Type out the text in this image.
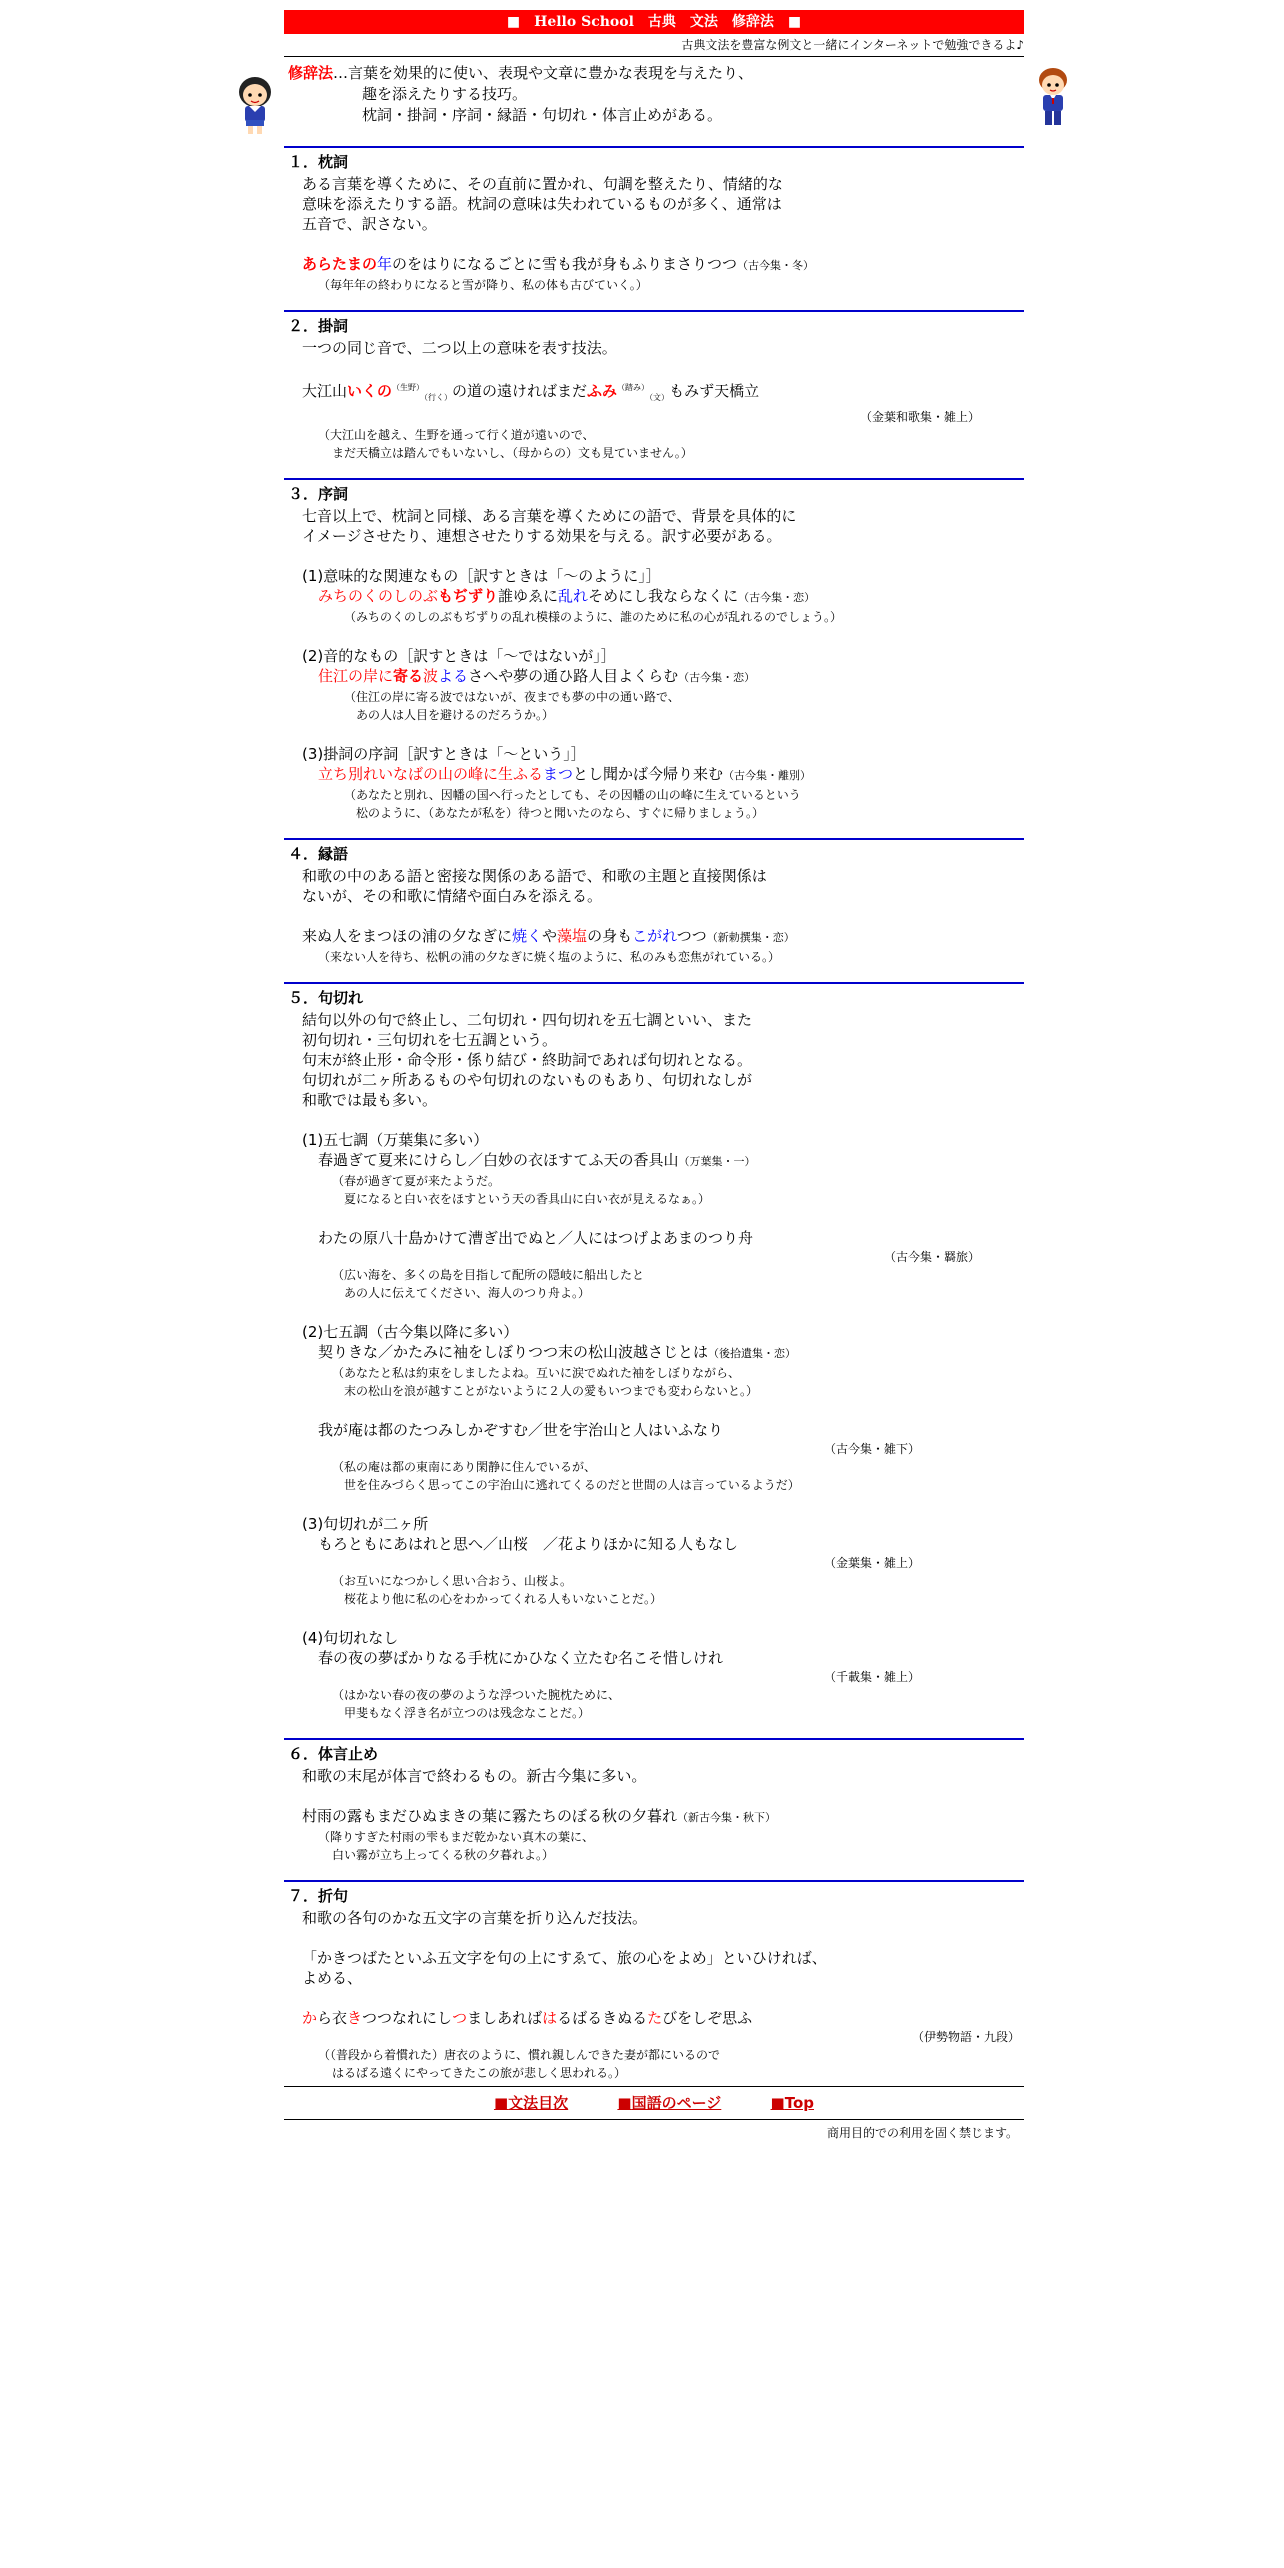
■　Hello School　古典　文法　修辞法　■
古典文法を豊富な例文と一緒にインターネットで勉強できるよ♪
修辞法…言葉を効果的に使い、表現や文章に豊かな表現を与えたり、
趣を添えたりする技巧。
枕詞・掛詞・序詞・縁語・句切れ・体言止めがある。
１．枕詞
ある言葉を導くために、その直前に置かれ、句調を整えたり、情緒的な
意味を添えたりする語。枕詞の意味は失われているものが多く、通常は
五音で、訳さない。
あらたまの年のをはりになるごとに雪も我が身もふりまさりつつ（古今集・冬）
（毎年年の終わりになると雪が降り、私の体も古びていく。）
２．掛詞
一つの同じ音で、二つ以上の意味を表す技法。
大江山いくの$^{(生野)}_{(行く)}$の道の遠ければまだふみ$^{(踏み)}_{(文)}$もみず天橋立
（金葉和歌集・雑上）
（大江山を越え、生野を通って行く道が遠いので、
まだ天橋立は踏んでもいないし、（母からの）文も見ていません。）
３．序詞
七音以上で、枕詞と同様、ある言葉を導くためにの語で、背景を具体的に
イメージさせたり、連想させたりする効果を与える。訳す必要がある。
(1)意味的な関連なもの［訳すときは「～のように」］
みちのくのしのぶもぢずり誰ゆゑに乱れそめにし我ならなくに（古今集・恋）
（みちのくのしのぶもぢずりの乱れ模様のように、誰のために私の心が乱れるのでしょう。）
(2)音的なもの［訳すときは「～ではないが」］
住江の岸に寄る波よるさへや夢の通ひ路人目よくらむ（古今集・恋）
（住江の岸に寄る波ではないが、夜までも夢の中の通い路で、
あの人は人目を避けるのだろうか。）
(3)掛詞の序詞［訳すときは「～という」］
立ち別れいなばの山の峰に生ふるまつとし聞かば今帰り来む（古今集・離別）
（あなたと別れ、因幡の国へ行ったとしても、その因幡の山の峰に生えているという
松のように、（あなたが私を）待つと聞いたのなら、すぐに帰りましょう。）
４．縁語
和歌の中のある語と密接な関係のある語で、和歌の主題と直接関係は
ないが、その和歌に情緒や面白みを添える。
来ぬ人をまつほの浦の夕なぎに焼くや藻塩の身もこがれつつ（新勅撰集・恋）
（来ない人を待ち、松帆の浦の夕なぎに焼く塩のように、私のみも恋焦がれている。）
５．句切れ
結句以外の句で終止し、二句切れ・四句切れを五七調といい、また
初句切れ・三句切れを七五調という。
句末が終止形・命令形・係り結び・終助詞であれば句切れとなる。
句切れが二ヶ所あるものや句切れのないものもあり、句切れなしが
和歌では最も多い。
(1)五七調（万葉集に多い）
春過ぎて夏来にけらし／白妙の衣ほすてふ天の香具山（万葉集・一）
（春が過ぎて夏が来たようだ。
夏になると白い衣をほすという天の香具山に白い衣が見えるなぁ。）
わたの原八十島かけて漕ぎ出でぬと／人にはつげよあまのつり舟
（古今集・羇旅）
（広い海を、多くの島を目指して配所の隠岐に船出したと
あの人に伝えてください、海人のつり舟よ。）
(2)七五調（古今集以降に多い）
契りきな／かたみに袖をしぼりつつ末の松山波越さじとは（後拾遺集・恋）
（あなたと私は約束をしましたよね。互いに涙でぬれた袖をしぼりながら、
末の松山を浪が越すことがないように２人の愛もいつまでも変わらないと。）
我が庵は都のたつみしかぞすむ／世を宇治山と人はいふなり
（古今集・雑下）
（私の庵は都の東南にあり閑静に住んでいるが、
世を住みづらく思ってこの宇治山に逃れてくるのだと世間の人は言っているようだ）
(3)句切れが二ヶ所
もろともにあはれと思へ／山桜　／花よりほかに知る人もなし
（金葉集・雑上）
（お互いになつかしく思い合おう、山桜よ。
桜花より他に私の心をわかってくれる人もいないことだ。）
(4)句切れなし
春の夜の夢ばかりなる手枕にかひなく立たむ名こそ惜しけれ
（千載集・雑上）
（はかない春の夜の夢のような浮ついた腕枕ために、
甲斐もなく浮き名が立つのは残念なことだ。）
６．体言止め
和歌の末尾が体言で終わるもの。新古今集に多い。
村雨の露もまだひぬまきの葉に霧たちのぼる秋の夕暮れ（新古今集・秋下）
（降りすぎた村雨の雫もまだ乾かない真木の葉に、
白い霧が立ち上ってくる秋の夕暮れよ。）
７．折句
和歌の各句のかな五文字の言葉を折り込んだ技法。
「かきつばたといふ五文字を句の上にすゑて、旅の心をよめ」といひければ、
よめる、
から衣きつつなれにしつましあればはるばるきぬるたびをしぞ思ふ
（伊勢物語・九段）
（（普段から着慣れた）唐衣のように、慣れ親しんできた妻が都にいるので
はるばる遠くにやってきたこの旅が悲しく思われる。）
■文法目次	■国語のページ	■Top
商用目的での利用を固く禁じます。
